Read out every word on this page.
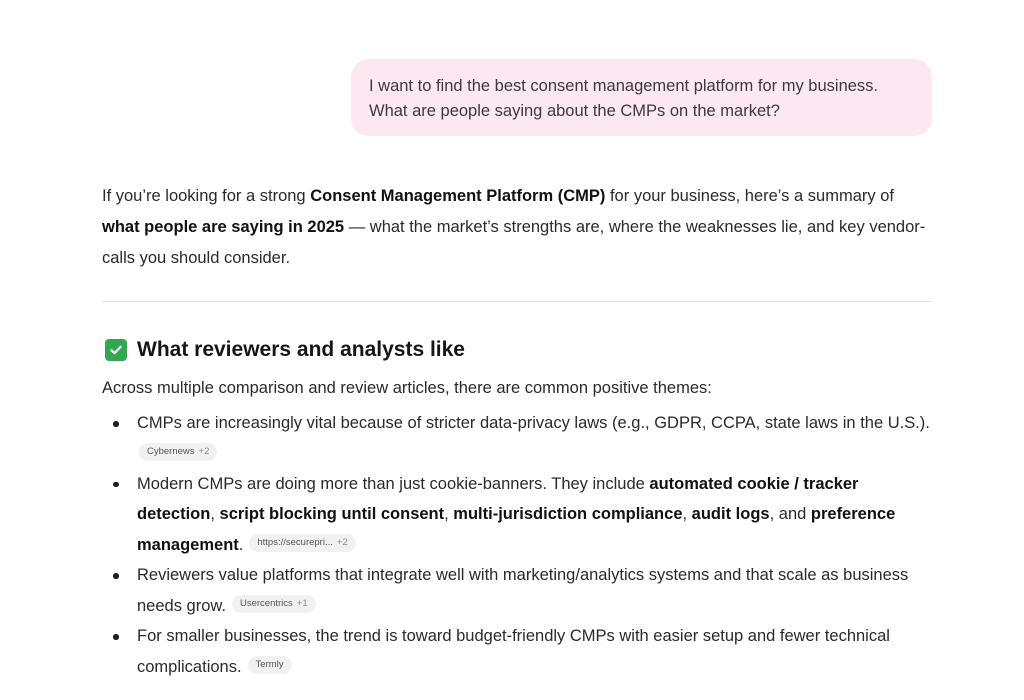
I want to find the best consent management platform for my business.

What are people saying about the CMPs on the market?

If you’re looking for a strong Consent Management Platform (CMP) for your business, here’s a summary of what people are saying in 2025 — what the market’s strengths are, where the weaknesses lie, and key vendor-calls you should consider.

What reviewers and analysts like

Across multiple comparison and review articles, there are common positive themes:

CMPs are increasingly vital because of stricter data-privacy laws (e.g., GDPR, CCPA, state laws in the U.S.).
Cybernews +2
Modern CMPs are doing more than just cookie-banners. They include automated cookie / tracker detection, script blocking until consent, multi-jurisdiction compliance, audit logs, and preference management. https://securepri... +2
Reviewers value platforms that integrate well with marketing/analytics systems and that scale as business needs grow. Usercentrics +1
For smaller businesses, the trend is toward budget-friendly CMPs with easier setup and fewer technical complications. Termly
